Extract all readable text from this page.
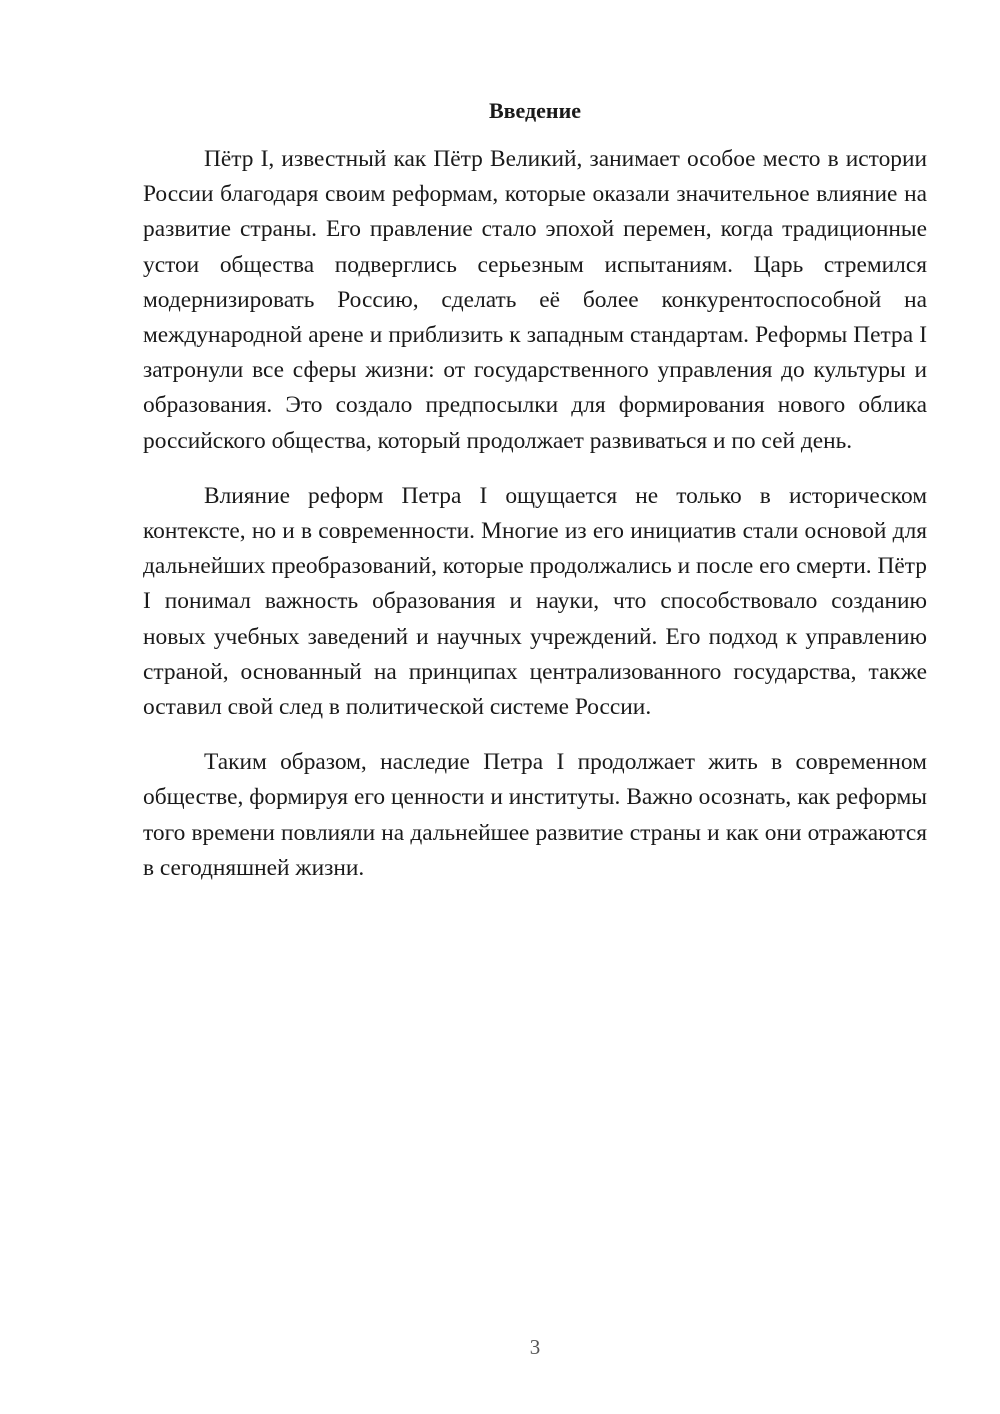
Введение

Пётр I, известный как Пётр Великий, занимает особое место в истории России благодаря своим реформам, которые оказали значительное влияние на развитие страны. Его правление стало эпохой перемен, когда традиционные устои общества подверглись серьезным испытаниям. Царь стремился модернизировать Россию, сделать её более конкурентоспособной на международной арене и приблизить к западным стандартам. Реформы Петра I затронули все сферы жизни: от государственного управления до культуры и образования. Это создало предпосылки для формирования нового облика российского общества, который продолжает развиваться и по сей день.

Влияние реформ Петра I ощущается не только в историческом контексте, но и в современности. Многие из его инициатив стали основой для дальнейших преобразований, которые продолжались и после его смерти. Пётр I понимал важность образования и науки, что способствовало созданию новых учебных заведений и научных учреждений. Его подход к управлению страной, основанный на принципах централизованного государства, также оставил свой след в политической системе России.

Таким образом, наследие Петра I продолжает жить в современном обществе, формируя его ценности и институты. Важно осознать, как реформы того времени повлияли на дальнейшее развитие страны и как они отражаются в сегодняшней жизни.

3
